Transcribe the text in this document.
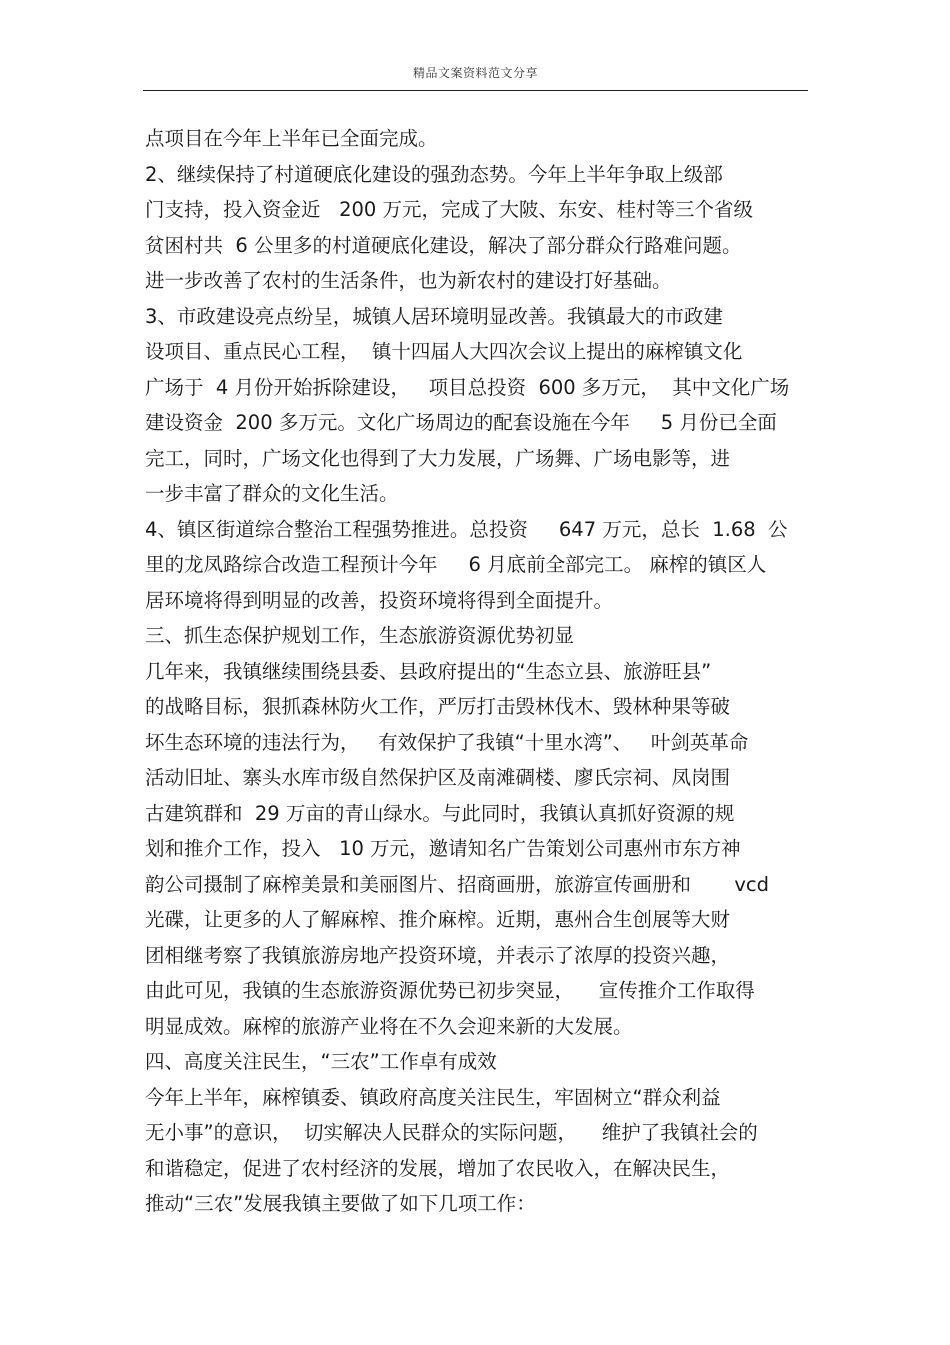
精品文案资料范文分享
点项目在今年上半年已全面完成。
2、继续保持了村道硬底化建设的强劲态势。今年上半年争取上级部
门支持，投入资金近   200 万元，完成了大陂、东安、桂村等三个省级
贫困村共  6 公里多的村道硬底化建设，解决了部分群众行路难问题。
进一步改善了农村的生活条件，也为新农村的建设打好基础。
3、市政建设亮点纷呈，城镇人居环境明显改善。我镇最大的市政建
设项目、重点民心工程，  镇十四届人大四次会议上提出的麻榨镇文化
广场于  4 月份开始拆除建设，   项目总投资  600 多万元，  其中文化广场
建设资金  200 多万元。文化广场周边的配套设施在今年     5 月份已全面
完工，同时，广场文化也得到了大力发展，广场舞、广场电影等，进
一步丰富了群众的文化生活。
4、镇区街道综合整治工程强势推进。总投资     647 万元，总长  1.68  公
里的龙凤路综合改造工程预计今年     6 月底前全部完工。 麻榨的镇区人
居环境将得到明显的改善，投资环境将得到全面提升。
三、抓生态保护规划工作，生态旅游资源优势初显
几年来，我镇继续围绕县委、县政府提出的“生态立县、旅游旺县”
的战略目标，狠抓森林防火工作，严厉打击毁林伐木、毁林种果等破
坏生态环境的违法行为，   有效保护了我镇“十里水湾”、   叶剑英革命
活动旧址、寨头水库市级自然保护区及南滩碉楼、廖氏宗祠、凤岗围
古建筑群和  29 万亩的青山绿水。与此同时，我镇认真抓好资源的规
划和推介工作，投入   10 万元，邀请知名广告策划公司惠州市东方神
韵公司摄制了麻榨美景和美丽图片、招商画册，旅游宣传画册和       vcd
光碟，让更多的人了解麻榨、推介麻榨。近期，惠州合生创展等大财
团相继考察了我镇旅游房地产投资环境，并表示了浓厚的投资兴趣，
由此可见，我镇的生态旅游资源优势已初步突显，    宣传推介工作取得
明显成效。麻榨的旅游产业将在不久会迎来新的大发展。
四、高度关注民生，“三农”工作卓有成效
今年上半年，麻榨镇委、镇政府高度关注民生，牢固树立“群众利益
无小事”的意识，  切实解决人民群众的实际问题，    维护了我镇社会的
和谐稳定，促进了农村经济的发展，增加了农民收入，在解决民生，
推动“三农”发展我镇主要做了如下几项工作：
